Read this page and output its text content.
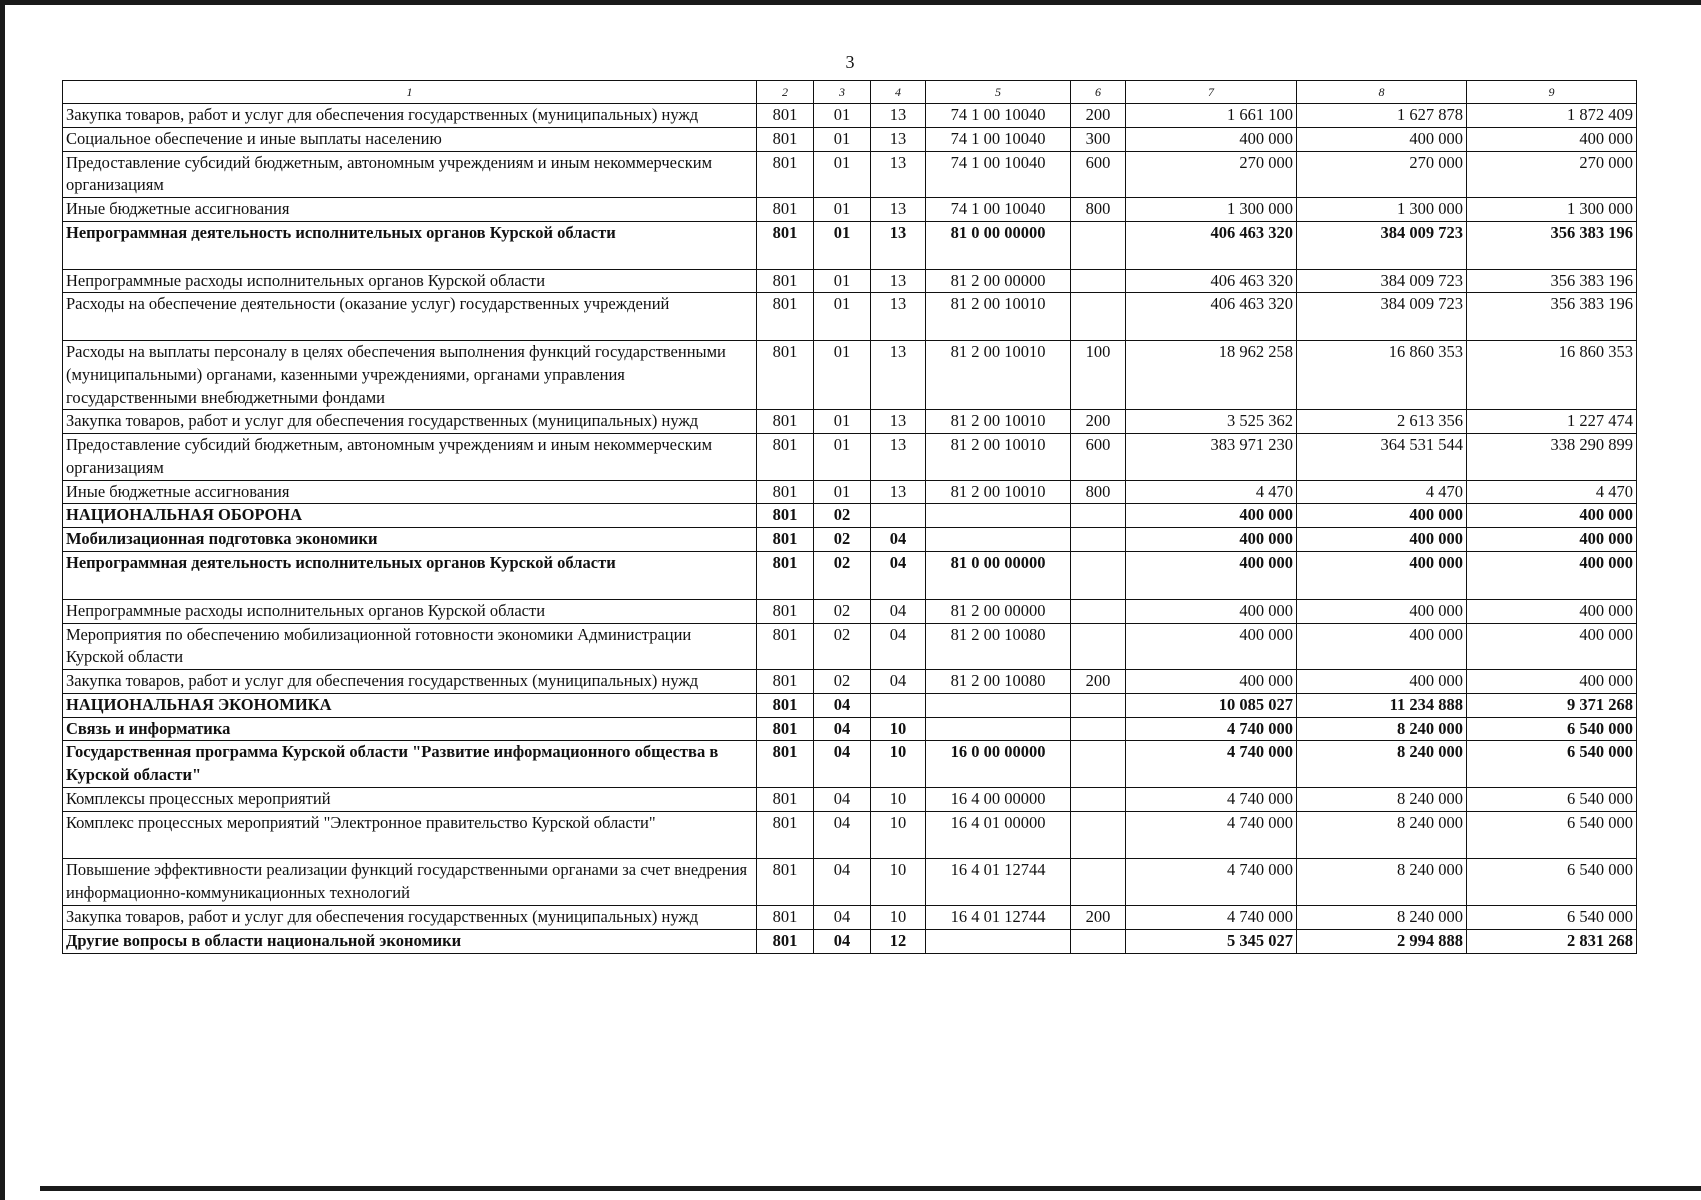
3
1	2	3	4	5	6	7	8	9
Закупка товаров, работ и услуг для обеспечения государственных (муниципальных) нужд	801	01	13	74 1 00 10040	200	1 661 100	1 627 878	1 872 409
Социальное обеспечение и иные выплаты населению	801	01	13	74 1 00 10040	300	400 000	400 000	400 000
Предоставление субсидий бюджетным, автономным учреждениям и иным некоммерческим организациям	801	01	13	74 1 00 10040	600	270 000	270 000	270 000
Иные бюджетные ассигнования	801	01	13	74 1 00 10040	800	1 300 000	1 300 000	1 300 000
Непрограммная деятельность исполнительных органов Курской области	801	01	13	81 0 00 00000		406 463 320	384 009 723	356 383 196
Непрограммные расходы исполнительных органов Курской области	801	01	13	81 2 00 00000		406 463 320	384 009 723	356 383 196
Расходы на обеспечение деятельности (оказание услуг) государственных учреждений	801	01	13	81 2 00 10010		406 463 320	384 009 723	356 383 196
Расходы на выплаты персоналу в целях обеспечения выполнения функций государственными (муниципальными) органами, казенными учреждениями, органами управления государственными внебюджетными фондами	801	01	13	81 2 00 10010	100	18 962 258	16 860 353	16 860 353
Закупка товаров, работ и услуг для обеспечения государственных (муниципальных) нужд	801	01	13	81 2 00 10010	200	3 525 362	2 613 356	1 227 474
Предоставление субсидий бюджетным, автономным учреждениям и иным некоммерческим организациям	801	01	13	81 2 00 10010	600	383 971 230	364 531 544	338 290 899
Иные бюджетные ассигнования	801	01	13	81 2 00 10010	800	4 470	4 470	4 470
НАЦИОНАЛЬНАЯ ОБОРОНА	801	02				400 000	400 000	400 000
Мобилизационная подготовка экономики	801	02	04			400 000	400 000	400 000
Непрограммная деятельность исполнительных органов Курской области	801	02	04	81 0 00 00000		400 000	400 000	400 000
Непрограммные расходы исполнительных органов Курской области	801	02	04	81 2 00 00000		400 000	400 000	400 000
Мероприятия по обеспечению мобилизационной готовности экономики Администрации Курской области	801	02	04	81 2 00 10080		400 000	400 000	400 000
Закупка товаров, работ и услуг для обеспечения государственных (муниципальных) нужд	801	02	04	81 2 00 10080	200	400 000	400 000	400 000
НАЦИОНАЛЬНАЯ ЭКОНОМИКА	801	04				10 085 027	11 234 888	9 371 268
Связь и информатика	801	04	10			4 740 000	8 240 000	6 540 000
Государственная программа Курской области "Развитие информационного общества в Курской области"	801	04	10	16 0 00 00000		4 740 000	8 240 000	6 540 000
Комплексы процессных мероприятий	801	04	10	16 4 00 00000		4 740 000	8 240 000	6 540 000
Комплекс процессных мероприятий "Электронное правительство Курской области"	801	04	10	16 4 01 00000		4 740 000	8 240 000	6 540 000
Повышение эффективности реализации функций государственными органами за счет внедрения информационно-коммуникационных технологий	801	04	10	16 4 01 12744		4 740 000	8 240 000	6 540 000
Закупка товаров, работ и услуг для обеспечения государственных (муниципальных) нужд	801	04	10	16 4 01 12744	200	4 740 000	8 240 000	6 540 000
Другие вопросы в области национальной экономики	801	04	12			5 345 027	2 994 888	2 831 268
